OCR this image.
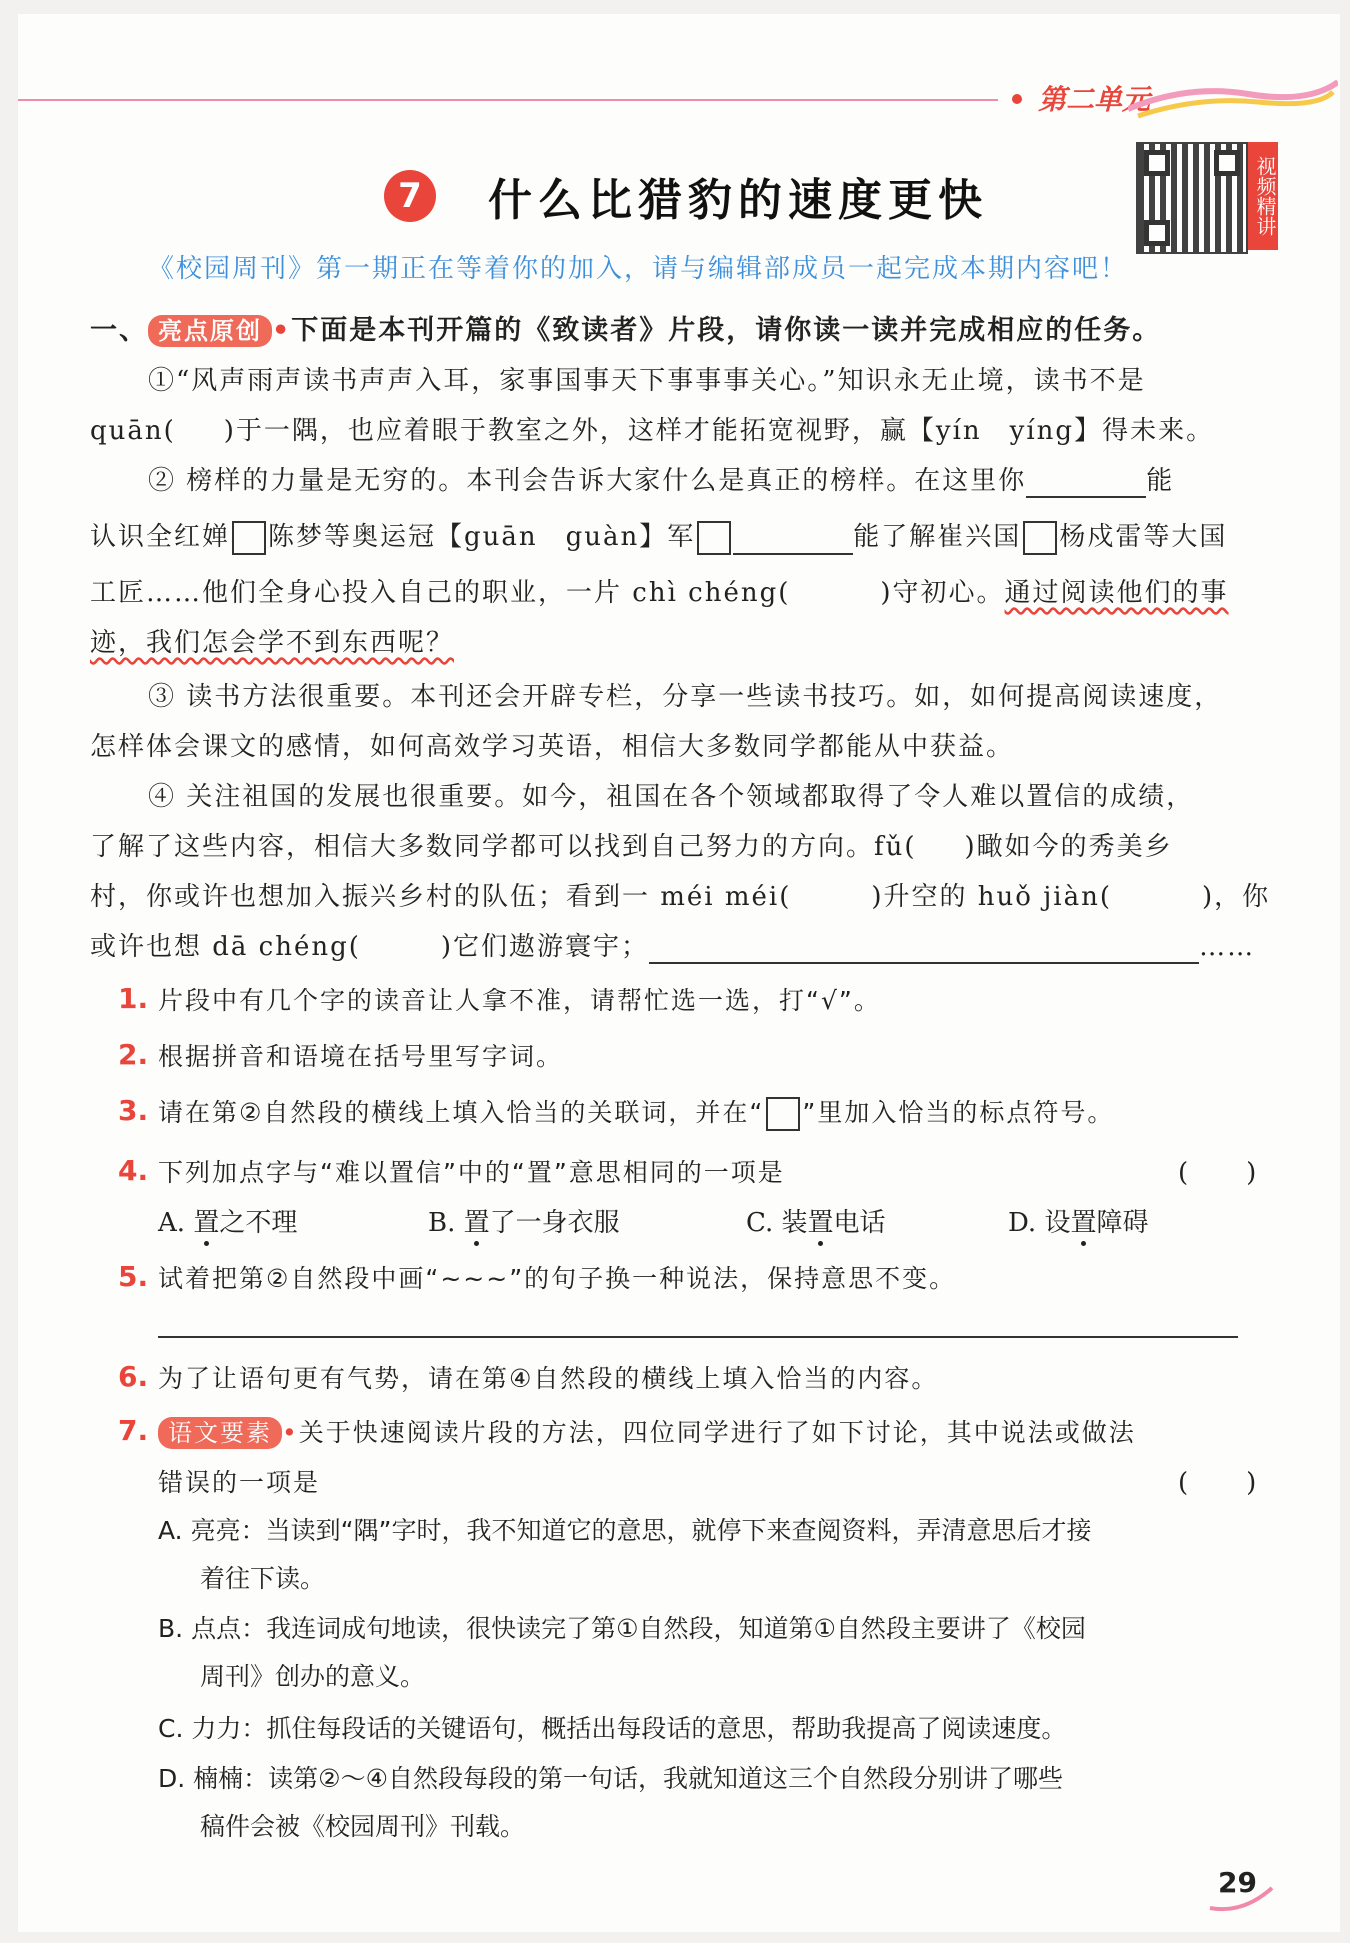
第二单元
7	什么比猎豹的速度更快	视频精讲
《校园周刊》第一期正在等着你的加入，请与编辑部成员一起完成本期内容吧！
一、 亮点原创 •下面是本刊开篇的《致读者》片段，请你读一读并完成相应的任务。
①“风声雨声读书声声入耳，家事国事天下事事事关心。”知识永无止境，读书不是
quān( )于一隅，也应着眼于教室之外，这样才能拓宽视野，赢【yín　yíng】得未来。
② 榜样的力量是无穷的。本刊会告诉大家什么是真正的榜样。在这里你	能
认识全红婵 陈梦等奥运冠【guān　guàn】军	能了解崔兴国 杨戍雷等大国
工匠……他们全身心投入自己的职业，一片 chì chéng(	)守初心。通过阅读他们的事
迹，我们怎会学不到东西呢？
③ 读书方法很重要。本刊还会开辟专栏，分享一些读书技巧。如，如何提高阅读速度，
怎样体会课文的感情，如何高效学习英语，相信大多数同学都能从中获益。
④ 关注祖国的发展也很重要。如今，祖国在各个领域都取得了令人难以置信的成绩，
了解了这些内容，相信大多数同学都可以找到自己努力的方向。fǔ( )瞰如今的秀美乡
村，你或许也想加入振兴乡村的队伍；看到一 méi méi(	)升空的 huǒ jiàn(	)，你
或许也想 dā chéng(	)它们遨游寰宇；	……
1. 片段中有几个字的读音让人拿不准，请帮忙选一选，打“√”。
2. 根据拼音和语境在括号里写字词。
3. 请在第②自然段的横线上填入恰当的关联词，并在“ ”里加入恰当的标点符号。
4. 下列加点字与“难以置信”中的“置”意思相同的一项是	(　　)
A. 置之不理	B. 置了一身衣服	C. 装置电话	D. 设置障碍
5. 试着把第②自然段中画“~~~”的句子换一种说法，保持意思不变。
6. 为了让语句更有气势，请在第④自然段的横线上填入恰当的内容。
7. 语文要素 •关于快速阅读片段的方法，四位同学进行了如下讨论，其中说法或做法
错误的一项是	(　　)
A. 亮亮：当读到“隅”字时，我不知道它的意思，就停下来查阅资料，弄清意思后才接
着往下读。
B. 点点：我连词成句地读，很快读完了第①自然段，知道第①自然段主要讲了《校园
周刊》创办的意义。
C. 力力：抓住每段话的关键语句，概括出每段话的意思，帮助我提高了阅读速度。
D. 楠楠：读第②～④自然段每段的第一句话，我就知道这三个自然段分别讲了哪些
稿件会被《校园周刊》刊载。
29
